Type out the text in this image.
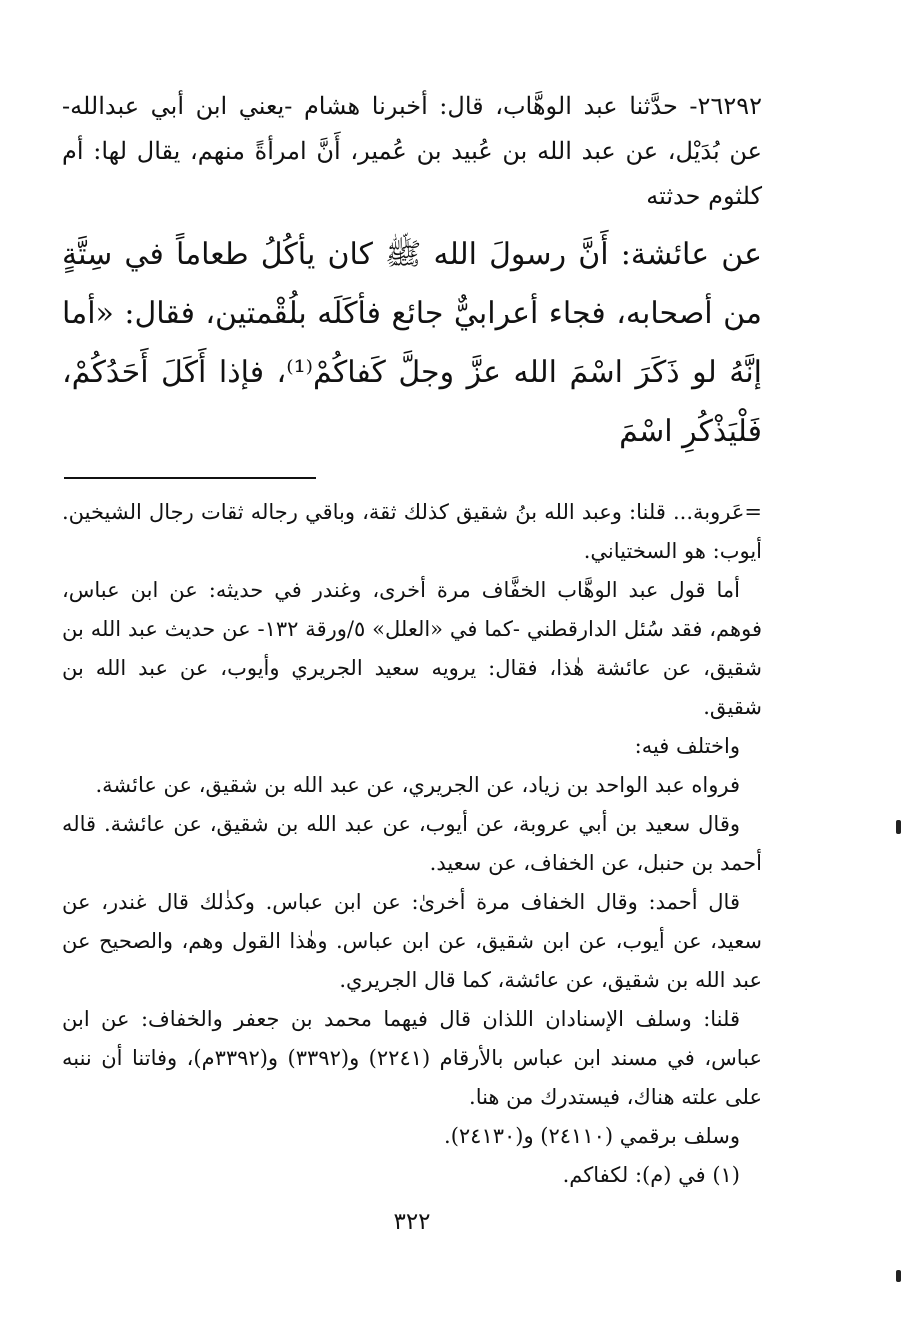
٢٦٢٩٢- حدَّثنا عبد الوهَّاب، قال: أخبرنا هشام -يعني ابن أبي عبدالله- عن بُدَيْل، عن عبد الله بن عُبيد بن عُمير، أَنَّ امرأةً منهم، يقال لها: أم كلثوم حدثته

عن عائشة: أَنَّ رسولَ الله ﷺ كان يأكُلُ طعاماً في سِتَّةٍ من أصحابه، فجاء أعرابيٌّ جائع فأكَلَه بلُقْمتين، فقال: «أما إنَّهُ لو ذَكَرَ اسْمَ الله عزَّ وجلَّ كَفاكُمْ⁽¹⁾، فإذا أَكَلَ أَحَدُكُمْ، فَلْيَذْكُرِ اسْمَ

=عَروبة... قلنا: وعبد الله بنُ شقيق كذلك ثقة، وباقي رجاله ثقات رجال الشيخين. أيوب: هو السختياني.

أما قول عبد الوهَّاب الخفَّاف مرة أخرى، وغندر في حديثه: عن ابن عباس، فوهم، فقد سُئل الدارقطني -كما في «العلل» ٥/ورقة ١٣٢- عن حديث عبد الله بن شقيق، عن عائشة هٰذا، فقال: يرويه سعيد الجريري وأيوب، عن عبد الله بن شقيق.

واختلف فيه:

فرواه عبد الواحد بن زياد، عن الجريري، عن عبد الله بن شقيق، عن عائشة.

وقال سعيد بن أبي عروبة، عن أيوب، عن عبد الله بن شقيق، عن عائشة. قاله أحمد بن حنبل، عن الخفاف، عن سعيد.

قال أحمد: وقال الخفاف مرة أخرىٰ: عن ابن عباس. وكذٰلك قال غندر، عن سعيد، عن أيوب، عن ابن شقيق، عن ابن عباس. وهٰذا القول وهم، والصحيح عن عبد الله بن شقيق، عن عائشة، كما قال الجريري.

قلنا: وسلف الإسنادان اللذان قال فيهما محمد بن جعفر والخفاف: عن ابن عباس، في مسند ابن عباس بالأرقام (٢٢٤١) و(٣٣٩٢) و(٣٣٩٢م)، وفاتنا أن ننبه على علته هناك، فيستدرك من هنا.

وسلف برقمي (٢٤١١٠) و(٢٤١٣٠).

(١) في (م): لكفاكم.

٣٢٢
